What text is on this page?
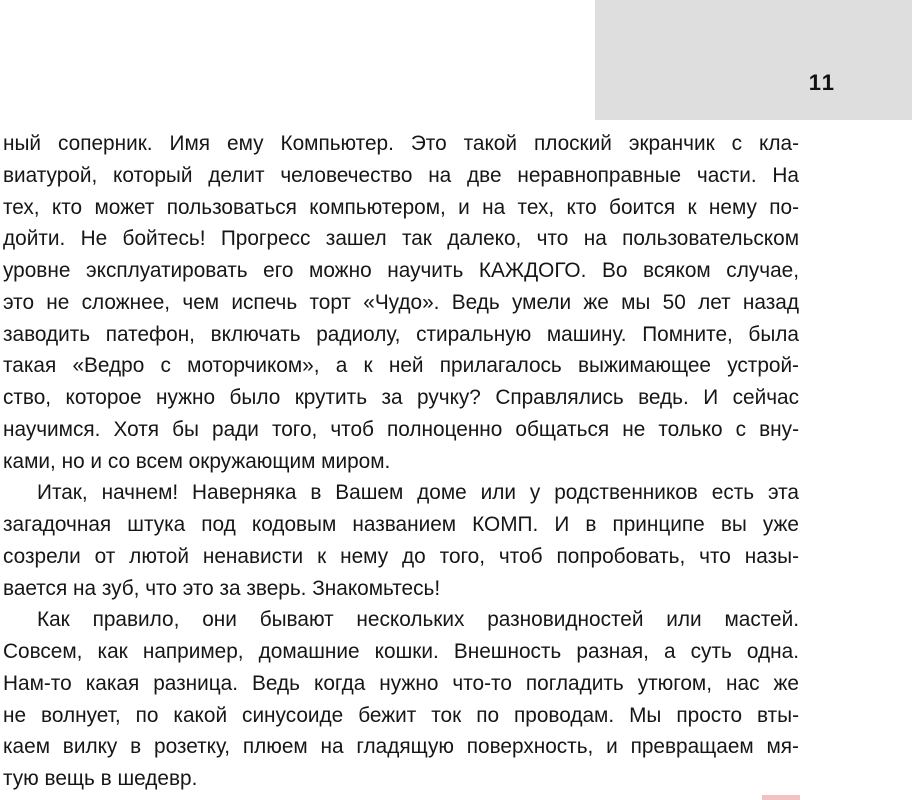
11
ный соперник. Имя ему Компьютер. Это такой плоский экранчик с кла-
виатурой, который делит человечество на две неравноправные части. На
тех, кто может пользоваться компьютером, и на тех, кто боится к нему по-
дойти. Не бойтесь! Прогресс зашел так далеко, что на пользовательском
уровне эксплуатировать его можно научить КАЖДОГО. Во всяком случае,
это не сложнее, чем испечь торт «Чудо». Ведь умели же мы 50 лет назад
заводить патефон, включать радиолу, стиральную машину. Помните, была
такая «Ведро с моторчиком», а к ней прилагалось выжимающее устрой-
ство, которое нужно было крутить за ручку? Справлялись ведь. И сейчас
научимся. Хотя бы ради того, чтоб полноценно общаться не только с вну-
ками, но и со всем окружающим миром.
Итак, начнем! Наверняка в Вашем доме или у родственников есть эта
загадочная штука под кодовым названием КОМП. И в принципе вы уже
созрели от лютой ненависти к нему до того, чтоб попробовать, что назы-
вается на зуб, что это за зверь. Знакомьтесь!
Как правило, они бывают нескольких разновидностей или мастей.
Совсем, как например, домашние кошки. Внешность разная, а суть одна.
Нам-то какая разница. Ведь когда нужно что-то погладить утюгом, нас же
не волнует, по какой синусоиде бежит ток по проводам. Мы просто вты-
каем вилку в розетку, плюем на гладящую поверхность, и превращаем мя-
тую вещь в шедевр.
